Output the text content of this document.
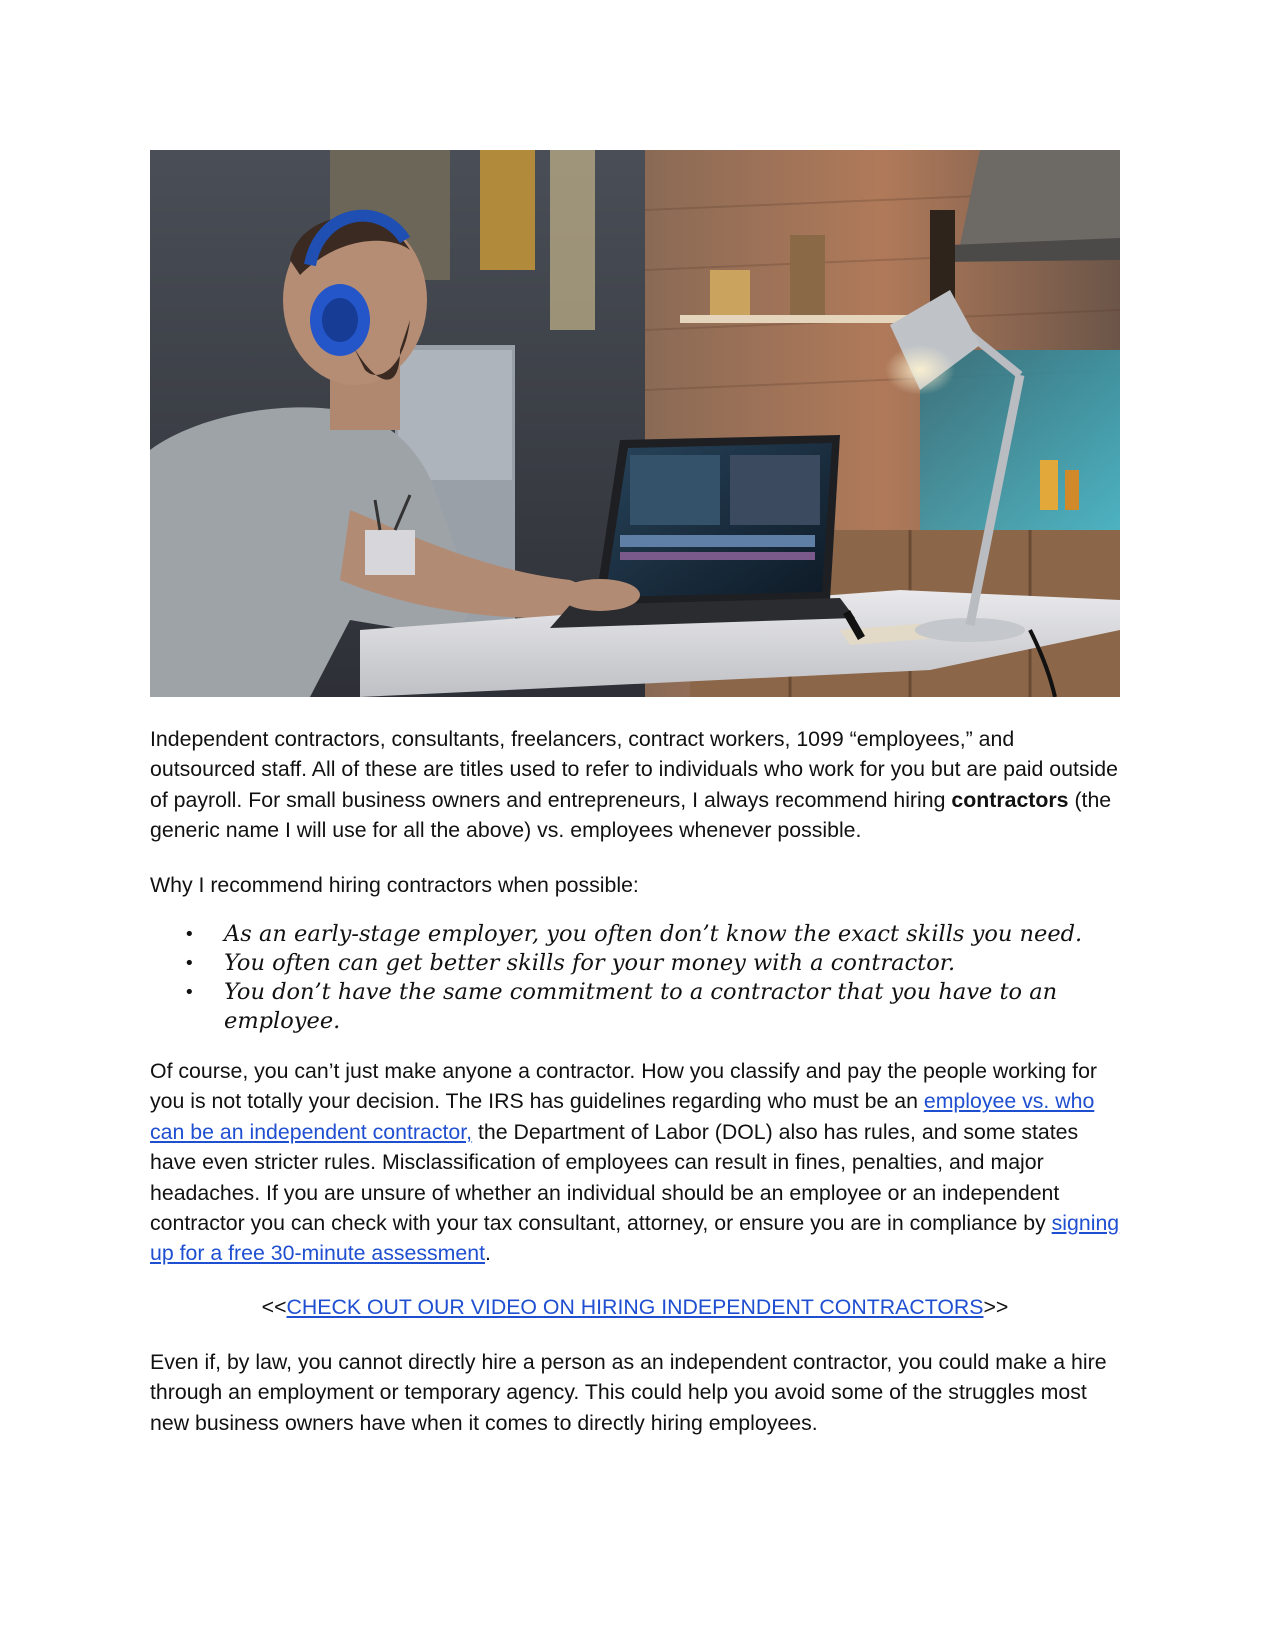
Independent contractors, consultants, freelancers, contract workers, 1099 “employees,” and outsourced staff. All of these are titles used to refer to individuals who work for you but are paid outside of payroll. For small business owners and entrepreneurs, I always recommend hiring contractors (the generic name I will use for all the above) vs. employees whenever possible.

Why I recommend hiring contractors when possible:

• As an early-stage employer, you often don’t know the exact skills you need.
• You often can get better skills for your money with a contractor.
• You don’t have the same commitment to a contractor that you have to an employee.

Of course, you can’t just make anyone a contractor. How you classify and pay the people working for you is not totally your decision. The IRS has guidelines regarding who must be an employee vs. who can be an independent contractor, the Department of Labor (DOL) also has rules, and some states have even stricter rules. Misclassification of employees can result in fines, penalties, and major headaches. If you are unsure of whether an individual should be an employee or an independent contractor you can check with your tax consultant, attorney, or ensure you are in compliance by signing up for a free 30-minute assessment.

<<CHECK OUT OUR VIDEO ON HIRING INDEPENDENT CONTRACTORS>>

Even if, by law, you cannot directly hire a person as an independent contractor, you could make a hire through an employment or temporary agency. This could help you avoid some of the struggles most new business owners have when it comes to directly hiring employees.
